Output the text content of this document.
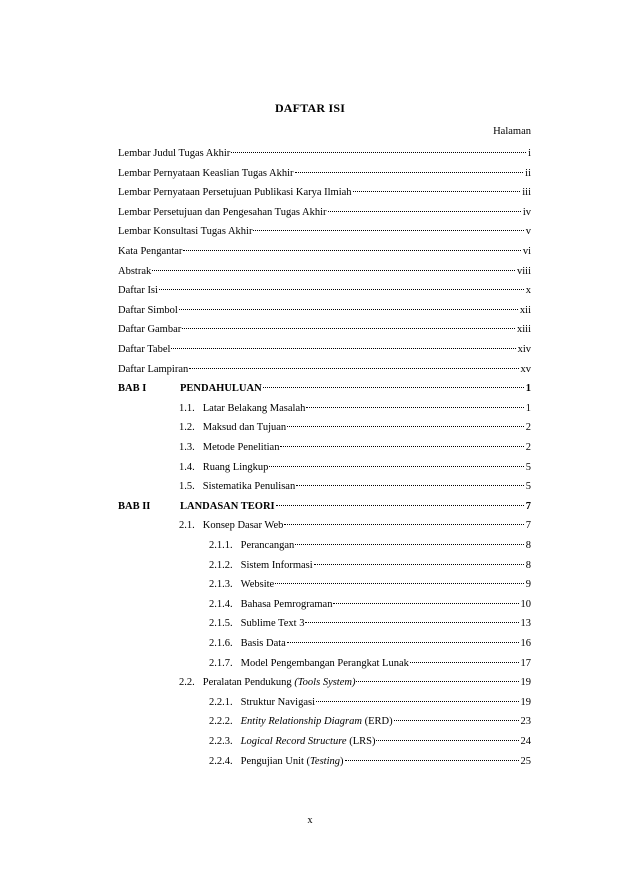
DAFTAR ISI
Halaman
Lembar Judul Tugas Akhir	i
Lembar Pernyataan Keaslian Tugas Akhir	ii
Lembar Pernyataan Persetujuan Publikasi Karya Ilmiah	iii
Lembar Persetujuan dan Pengesahan Tugas Akhir	iv
Lembar Konsultasi Tugas Akhir	v
Kata Pengantar	vi
Abstrak	viii
Daftar Isi	x
Daftar Simbol	xii
Daftar Gambar	xiii
Daftar Tabel	xiv
Daftar Lampiran	xv
BAB I	PENDAHULUAN	1
1.1. Latar Belakang Masalah	1
1.2. Maksud dan Tujuan	2
1.3. Metode Penelitian	2
1.4. Ruang Lingkup	5
1.5. Sistematika Penulisan	5
BAB II	LANDASAN TEORI	7
2.1. Konsep Dasar Web	7
2.1.1. Perancangan	8
2.1.2. Sistem Informasi	8
2.1.3. Website	9
2.1.4. Bahasa Pemrograman	10
2.1.5. Sublime Text 3	13
2.1.6. Basis Data	16
2.1.7. Model Pengembangan Perangkat Lunak	17
2.2. Peralatan Pendukung (Tools System)	19
2.2.1. Struktur Navigasi	19
2.2.2. Entity Relationship Diagram (ERD)	23
2.2.3. Logical Record Structure (LRS)	24
2.2.4. Pengujian Unit (Testing)	25
x
